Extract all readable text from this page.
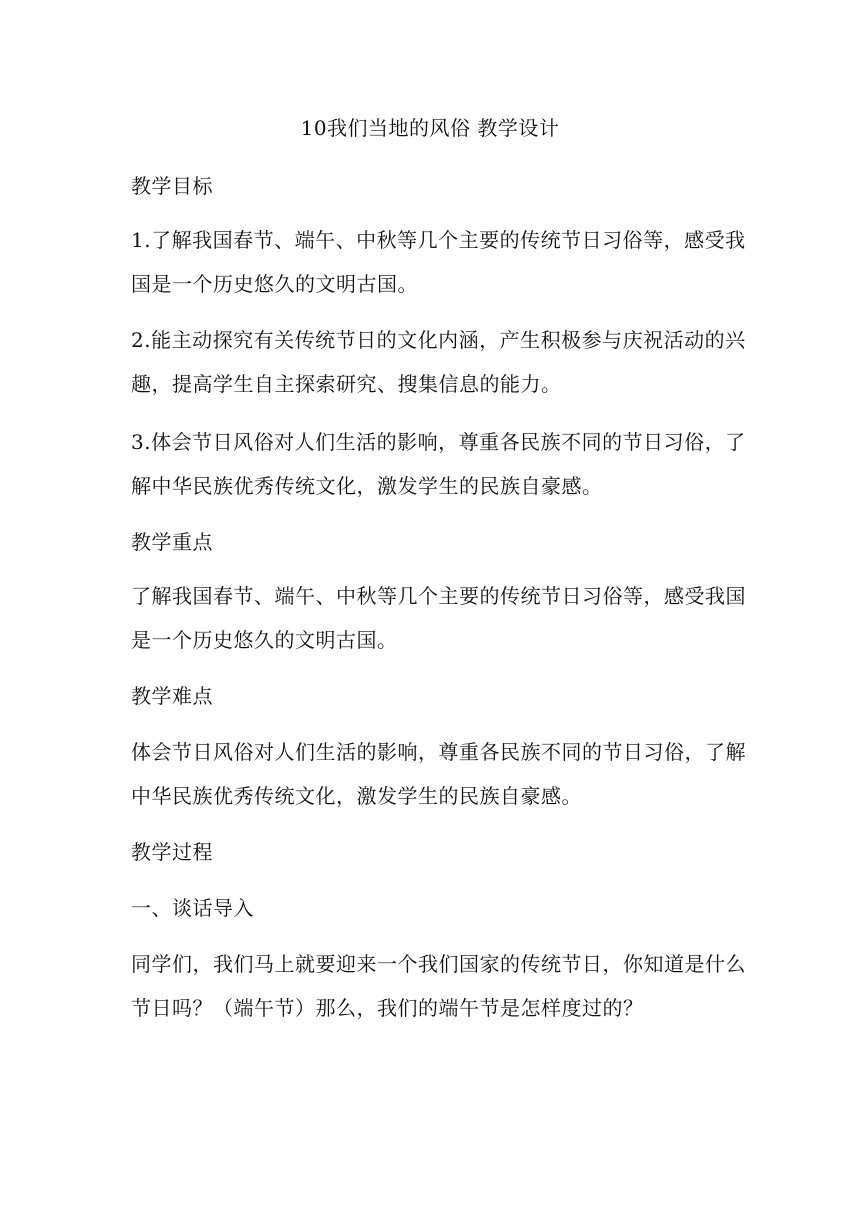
10我们当地的风俗 教学设计
教学目标
1.了解我国春节、端午、中秋等几个主要的传统节日习俗等，感受我
国是一个历史悠久的文明古国。
2.能主动探究有关传统节日的文化内涵，产生积极参与庆祝活动的兴
趣，提高学生自主探索研究、搜集信息的能力。
3.体会节日风俗对人们生活的影响，尊重各民族不同的节日习俗，了
解中华民族优秀传统文化，激发学生的民族自豪感。
教学重点
了解我国春节、端午、中秋等几个主要的传统节日习俗等，感受我国
是一个历史悠久的文明古国。
教学难点
体会节日风俗对人们生活的影响，尊重各民族不同的节日习俗，了解
中华民族优秀传统文化，激发学生的民族自豪感。
教学过程
一、谈话导入
同学们，我们马上就要迎来一个我们国家的传统节日，你知道是什么
节日吗？（端午节）那么，我们的端午节是怎样度过的？
